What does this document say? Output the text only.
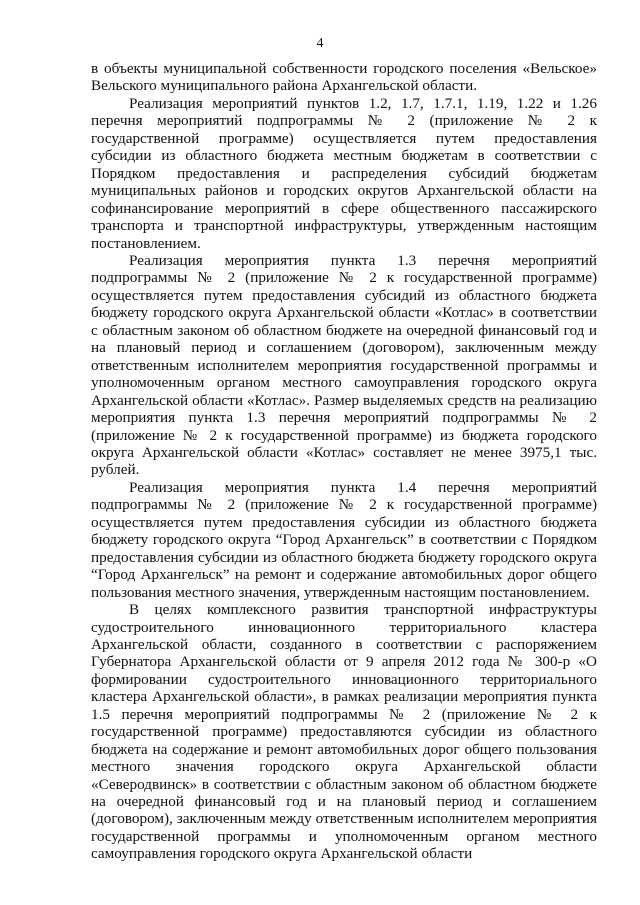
4

в объекты муниципальной собственности городского поселения «Вельское» Вельского муниципального района Архангельской области.

Реализация мероприятий пунктов 1.2, 1.7, 1.7.1, 1.19, 1.22 и 1.26 перечня мероприятий подпрограммы № 2 (приложение № 2 к государственной программе) осуществляется путем предоставления субсидии из областного бюджета местным бюджетам в соответствии с Порядком предоставления и распределения субсидий бюджетам муниципальных районов и городских округов Архангельской области на софинансирование мероприятий в сфере общественного пассажирского транспорта и транспортной инфраструктуры, утвержденным настоящим постановлением.

Реализация мероприятия пункта 1.3 перечня мероприятий подпрограммы № 2 (приложение № 2 к государственной программе) осуществляется путем предоставления субсидий из областного бюджета бюджету городского округа Архангельской области «Котлас» в соответствии с областным законом об областном бюджете на очередной финансовый год и на плановый период и соглашением (договором), заключенным между ответственным исполнителем мероприятия государственной программы и уполномоченным органом местного самоуправления городского округа Архангельской области «Котлас». Размер выделяемых средств на реализацию мероприятия пункта 1.3 перечня мероприятий подпрограммы № 2 (приложение № 2 к государственной программе) из бюджета городского округа Архангельской области «Котлас» составляет не менее 3975,1 тыс. рублей.

Реализация мероприятия пункта 1.4 перечня мероприятий подпрограммы № 2 (приложение № 2 к государственной программе) осуществляется путем предоставления субсидии из областного бюджета бюджету городского округа “Город Архангельск” в соответствии с Порядком предоставления субсидии из областного бюджета бюджету городского округа “Город Архангельск” на ремонт и содержание автомобильных дорог общего пользования местного значения, утвержденным настоящим постановлением.

В целях комплексного развития транспортной инфраструктуры судостроительного инновационного территориального кластера Архангельской области, созданного в соответствии с распоряжением Губернатора Архангельской области от 9 апреля 2012 года № 300-р «О формировании судостроительного инновационного территориального кластера Архангельской области», в рамках реализации мероприятия пункта 1.5 перечня мероприятий подпрограммы № 2 (приложение № 2 к государственной программе) предоставляются субсидии из областного бюджета на содержание и ремонт автомобильных дорог общего пользования местного значения городского округа Архангельской области «Северодвинск» в соответствии с областным законом об областном бюджете на очередной финансовый год и на плановый период и соглашением (договором), заключенным между ответственным исполнителем мероприятия государственной программы и уполномоченным органом местного самоуправления городского округа Архангельской области
